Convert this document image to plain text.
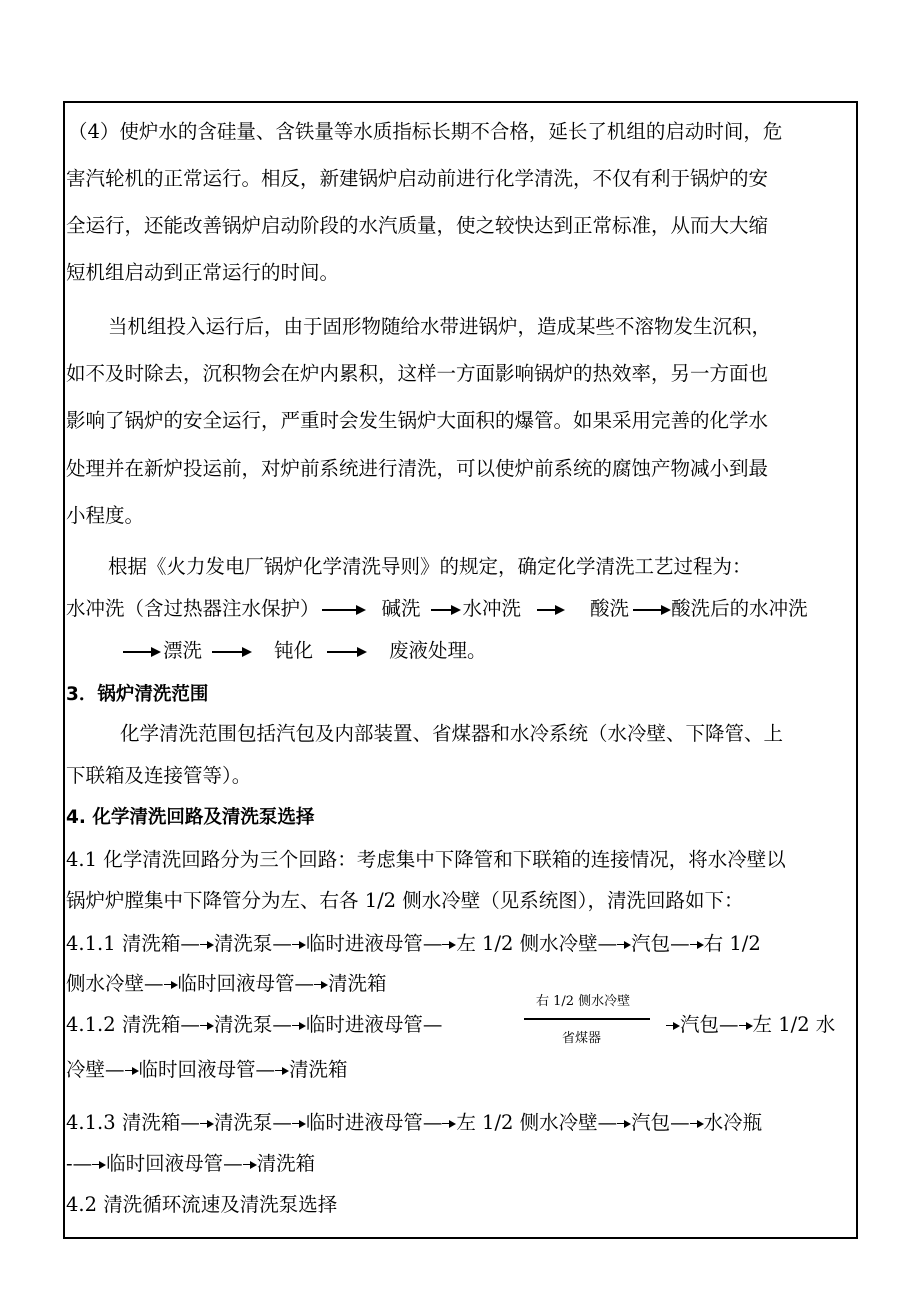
（4）使炉水的含硅量、含铁量等水质指标长期不合格，延长了机组的启动时间，危
害汽轮机的正常运行。相反，新建锅炉启动前进行化学清洗，不仅有利于锅炉的安
全运行，还能改善锅炉启动阶段的水汽质量，使之较快达到正常标准，从而大大缩
短机组启动到正常运行的时间。
当机组投入运行后，由于固形物随给水带进锅炉，造成某些不溶物发生沉积，
如不及时除去，沉积物会在炉内累积，这样一方面影响锅炉的热效率，另一方面也
影响了锅炉的安全运行，严重时会发生锅炉大面积的爆管。如果采用完善的化学水
处理并在新炉投运前，对炉前系统进行清洗，可以使炉前系统的腐蚀产物减小到最
小程度。
根据《火力发电厂锅炉化学清洗导则》的规定，确定化学清洗工艺过程为：
水冲洗（含过热器注水保护）	碱洗 水冲洗	酸洗 酸洗后的水冲洗
漂洗	钝化	废液处理。
3．锅炉清洗范围
化学清洗范围包括汽包及内部装置、省煤器和水冷系统（水冷壁、下降管、上
下联箱及连接管等）。
4. 化学清洗回路及清洗泵选择
4.1 化学清洗回路分为三个回路：考虑集中下降管和下联箱的连接情况，将水冷壁以
锅炉炉膛集中下降管分为左、右各 1/2 侧水冷壁（见系统图），清洗回路如下：
4.1.1 清洗箱— 清洗泵— 临时进液母管— 左 1/2 侧水冷壁— 汽包— 右 1/2
侧水冷壁— 临时回液母管— 清洗箱
4.1.2 清洗箱— 清洗泵— 临时进液母管—
右 1/2 侧水冷壁
省煤器
汽包— 左 1/2 水
冷壁— 临时回液母管— 清洗箱
4.1.3 清洗箱— 清洗泵— 临时进液母管— 左 1/2 侧水冷壁— 汽包— 水冷瓶
-— 临时回液母管— 清洗箱
4.2 清洗循环流速及清洗泵选择
